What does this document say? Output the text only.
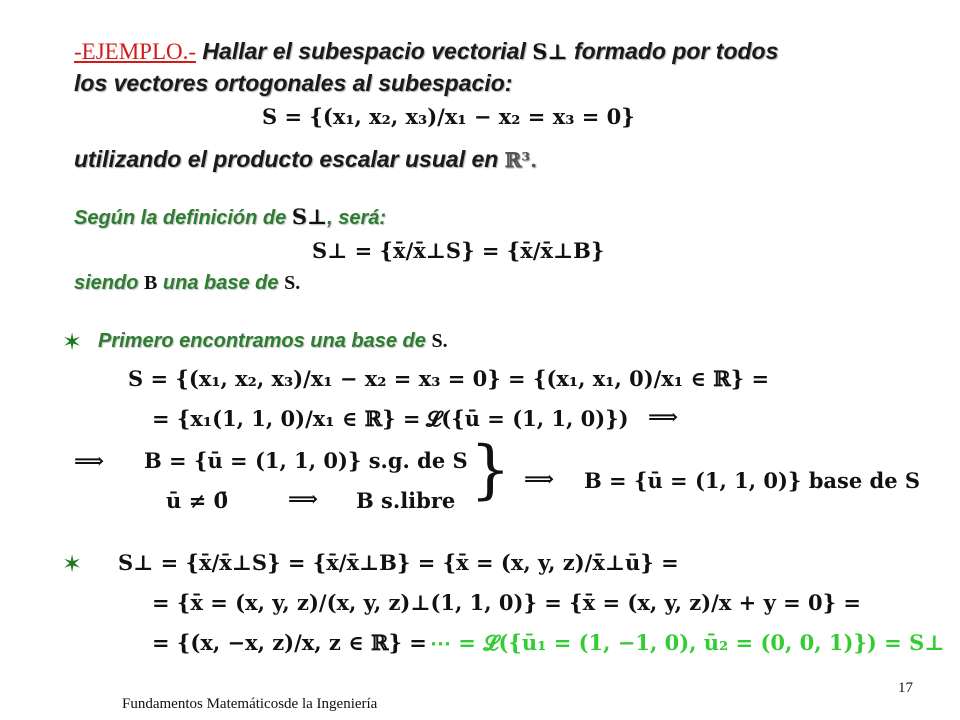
-EJEMPLO.- Hallar el subespacio vectorial S⊥ formado por todos
los vectores ortogonales al subespacio:
S = {(x₁, x₂, x₃)/x₁ − x₂ = x₃ = 0}
utilizando el producto escalar usual en ℝ³.
Según la definición de S⊥, será:
S⊥ = {x̄/x̄⊥S} = {x̄/x̄⊥B}
siendo B una base de S.
✶ Primero encontramos una base de S.
S = {(x₁, x₂, x₃)/x₁ − x₂ = x₃ = 0} = {(x₁, x₁, 0)/x₁ ∈ ℝ} =
= {x₁(1, 1, 0)/x₁ ∈ ℝ} = 𝓛({ū = (1, 1, 0)}) ⟹
⟹ B = {ū = (1, 1, 0)} s.g. de S
ū ≠ 0̄	⟹ B s.libre } ⟹ B = {ū = (1, 1, 0)} base de S
✶ S⊥ = {x̄/x̄⊥S} = {x̄/x̄⊥B} = {x̄ = (x, y, z)/x̄⊥ū} =
= {x̄ = (x, y, z)/(x, y, z)⊥(1, 1, 0)} = {x̄ = (x, y, z)/x + y = 0} =
= {(x, −x, z)/x, z ∈ ℝ} = ⋯ = 𝓛({ū₁ = (1, −1, 0), ū₂ = (0, 0, 1)}) = S⊥
Fundamentos Matemáticosde la Ingeniería
17
